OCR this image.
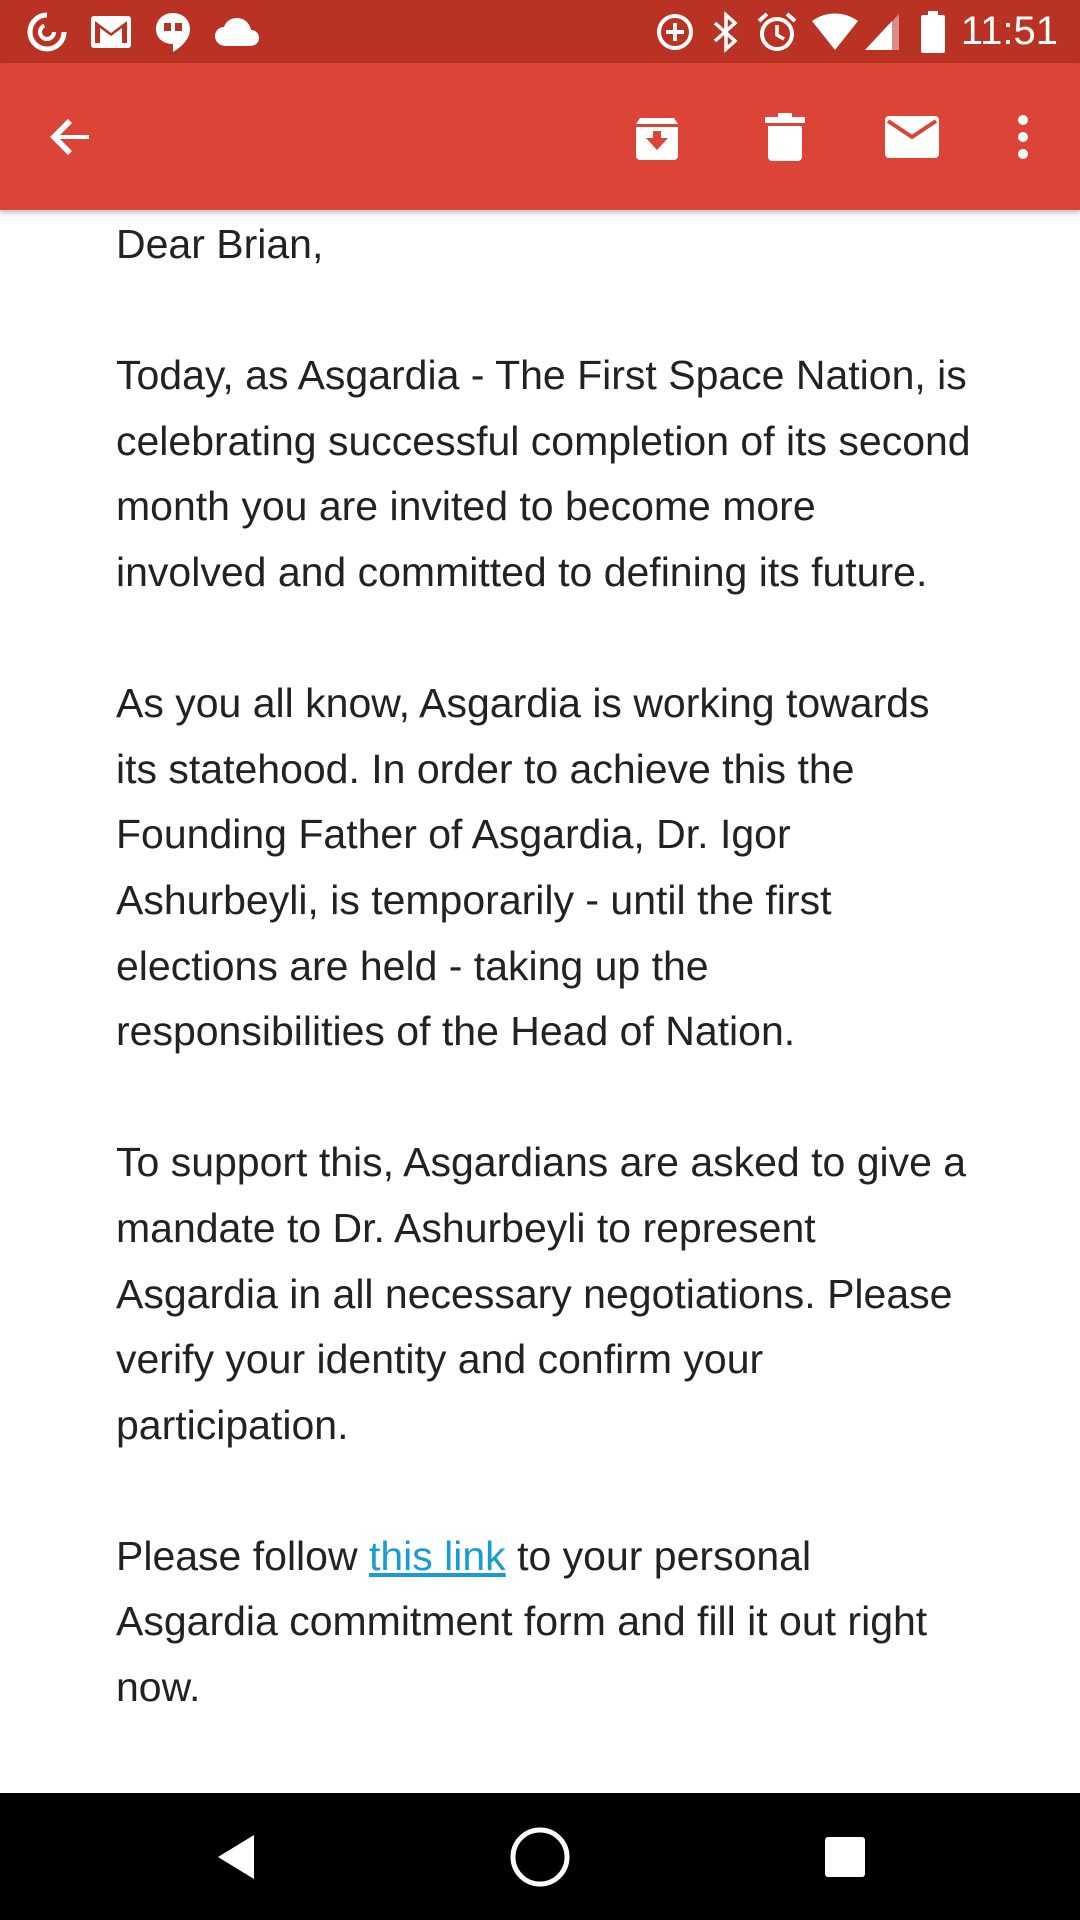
11:51

Dear Brian,

Today, as Asgardia - The First Space Nation, is celebrating successful completion of its second month you are invited to become more involved and committed to defining its future.

As you all know, Asgardia is working towards its statehood. In order to achieve this the Founding Father of Asgardia, Dr. Igor Ashurbeyli, is temporarily - until the first elections are held - taking up the responsibilities of the Head of Nation.

To support this, Asgardians are asked to give a mandate to Dr. Ashurbeyli to represent Asgardia in all necessary negotiations. Please verify your identity and confirm your participation.

Please follow this link to your personal Asgardia commitment form and fill it out right now.
